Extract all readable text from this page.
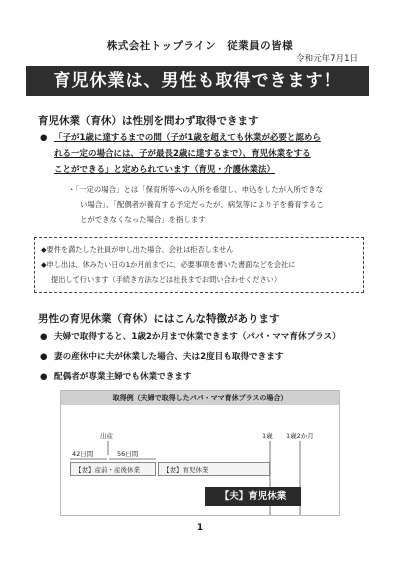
株式会社トップライン　従業員の皆様
令和元年7月1日
育児休業は、男性も取得できます！
育児休業（育休）は性別を問わず取得できます
● 「子が1歳に達するまでの間（子が1歳を超えても休業が必要と認めら
れる一定の場合には、子が最長2歳に達するまで）、育児休業をする
ことができる」と定められています（育児・介護休業法）
・「一定の場合」とは「保育所等への入所を希望し、申込をしたが入所できな
い場合」、「配偶者が養育する予定だったが、病気等により子を養育するこ
とができなくなった場合」を指します
◆要件を満たした社員が申し出た場合、会社は拒否しません
◆申し出は、休みたい日の1か月前までに、必要事項を書いた書面などを会社に
提出して行います（手続き方法などは社長までお問い合わせください）
男性の育児休業（育休）にはこんな特徴があります
● 夫婦で取得すると、1歳2か月まで休業できます（パパ・ママ育休プラス）
● 妻の産休中に夫が休業した場合、夫は2度目も取得できます
● 配偶者が専業主婦でも休業できます
取得例（夫婦で取得したパパ・ママ育休プラスの場合）
出産	1歳 1歳2か月
42日間	56日間
【妻】産前・産後休業	【妻】育児休業
【夫】育児休業
1
